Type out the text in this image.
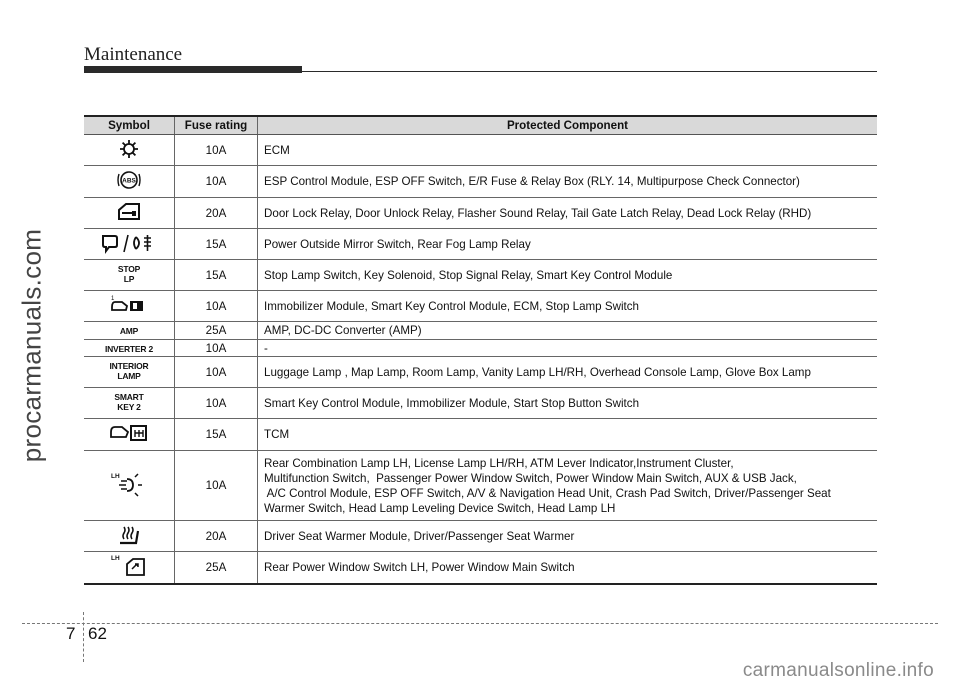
Maintenance
procarmanuals.com
Symbol	Fuse rating	Protected Component
	10A	ECM

ABS	10A	ESP Control Module, ESP OFF Switch, E/R Fuse & Relay Box (RLY. 14, Multipurpose Check Connector)
	20A	Door Lock Relay, Door Unlock Relay, Flasher Sound Relay, Tail Gate Latch Relay, Dead Lock Relay (RHD)
	15A	Power Outside Mirror Switch, Rear Fog Lamp Relay

STOP
LP	15A	Stop Lamp Switch, Key Solenoid, Stop Signal Relay, Smart Key Control Module

1	10A	Immobilizer Module, Smart Key Control Module, ECM, Stop Lamp Switch

AMP	25A	AMP, DC-DC Converter (AMP)

INVERTER 2	10A	-

INTERIOR
LAMP	10A	Luggage Lamp , Map Lamp, Room Lamp, Vanity Lamp LH/RH, Overhead Console Lamp, Glove Box Lamp

SMART
KEY 2	10A	Smart Key Control Module, Immobilizer Module, Start Stop Button Switch
	15A	TCM

LH	10A	Rear Combination Lamp LH, License Lamp LH/RH, ATM Lever Indicator,Instrument Cluster,
Multifunction Switch,  Passenger Power Window Switch, Power Window Main Switch, AUX & USB Jack,
A/C Control Module, ESP OFF Switch, A/V & Navigation Head Unit, Crash Pad Switch, Driver/Passenger Seat
Warmer Switch, Head Lamp Leveling Device Switch, Head Lamp LH

	20A	Driver Seat Warmer Module, Driver/Passenger Seat Warmer

LH	25A	Rear Power Window Switch LH, Power Window Main Switch
7 62
carmanualsonline.info
